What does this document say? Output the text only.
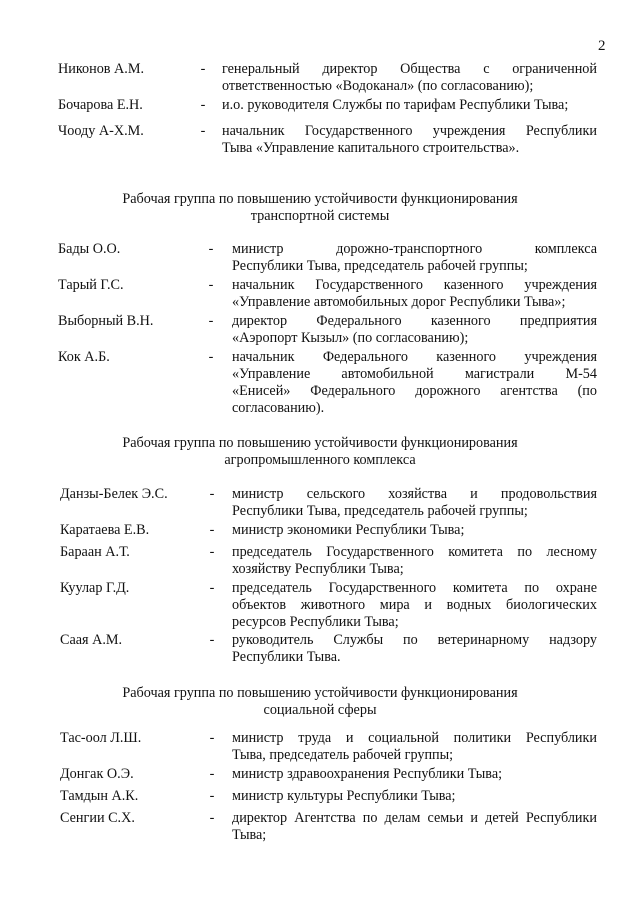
2
Никонов А.М.	- генеральный директор Общества с ограниченной
ответственностью «Водоканал» (по согласованию);
Бочарова Е.Н.	- и.о. руководителя Службы по тарифам Республики Тыва;
Чооду А-Х.М.	- начальник Государственного учреждения Республики
Тыва «Управление капитального строительства».
Рабочая группа по повышению устойчивости функционирования
транспортной системы
Бады О.О.	- министр дорожно-транспортного комплекса
Республики Тыва, председатель рабочей группы;
Тарый Г.С.	- начальник Государственного казенного учреждения
«Управление автомобильных дорог Республики Тыва»;
Выборный В.Н.	- директор Федерального казенного предприятия
«Аэропорт Кызыл» (по согласованию);
Кок А.Б.	- начальник Федерального казенного учреждения
«Управление автомобильной магистрали М-54
«Енисей» Федерального дорожного агентства (по
согласованию).
Рабочая группа по повышению устойчивости функционирования
агропромышленного комплекса
Данзы-Белек Э.С.	- министр сельского хозяйства и продовольствия
Республики Тыва, председатель рабочей группы;
Каратаева Е.В.	- министр экономики Республики Тыва;
Бараан А.Т.	- председатель Государственного комитета по лесному
хозяйству Республики Тыва;
Куулар Г.Д.	- председатель Государственного комитета по охране
объектов животного мира и водных биологических
ресурсов Республики Тыва;
Саая А.М.	- руководитель Службы по ветеринарному надзору
Республики Тыва.
Рабочая группа по повышению устойчивости функционирования
социальной сферы
Тас-оол Л.Ш.	- министр труда и социальной политики Республики
Тыва, председатель рабочей группы;
Донгак О.Э.	- министр здравоохранения Республики Тыва;
Тамдын А.К.	- министр культуры Республики Тыва;
Сенгии С.Х.	- директор Агентства по делам семьи и детей Республики
Тыва;
